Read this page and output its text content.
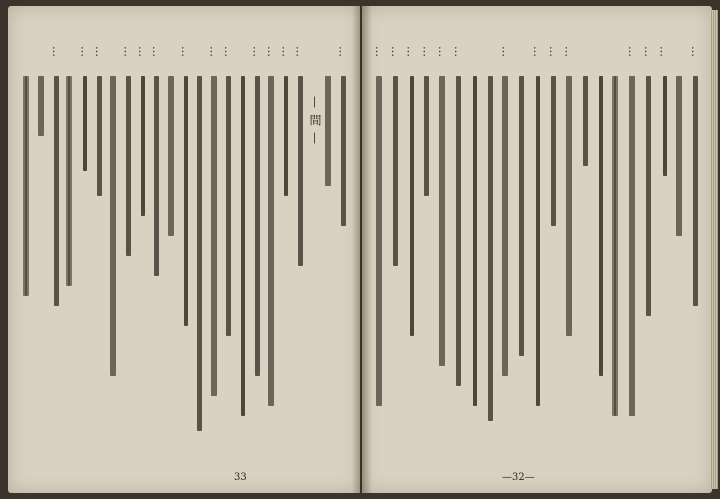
…
—間—
…
…
…
…
…
…
…
…
…
…
…
…
…
33
…
…
…
…
…
…
…
…
…
…
…
…
…
…
—32—
